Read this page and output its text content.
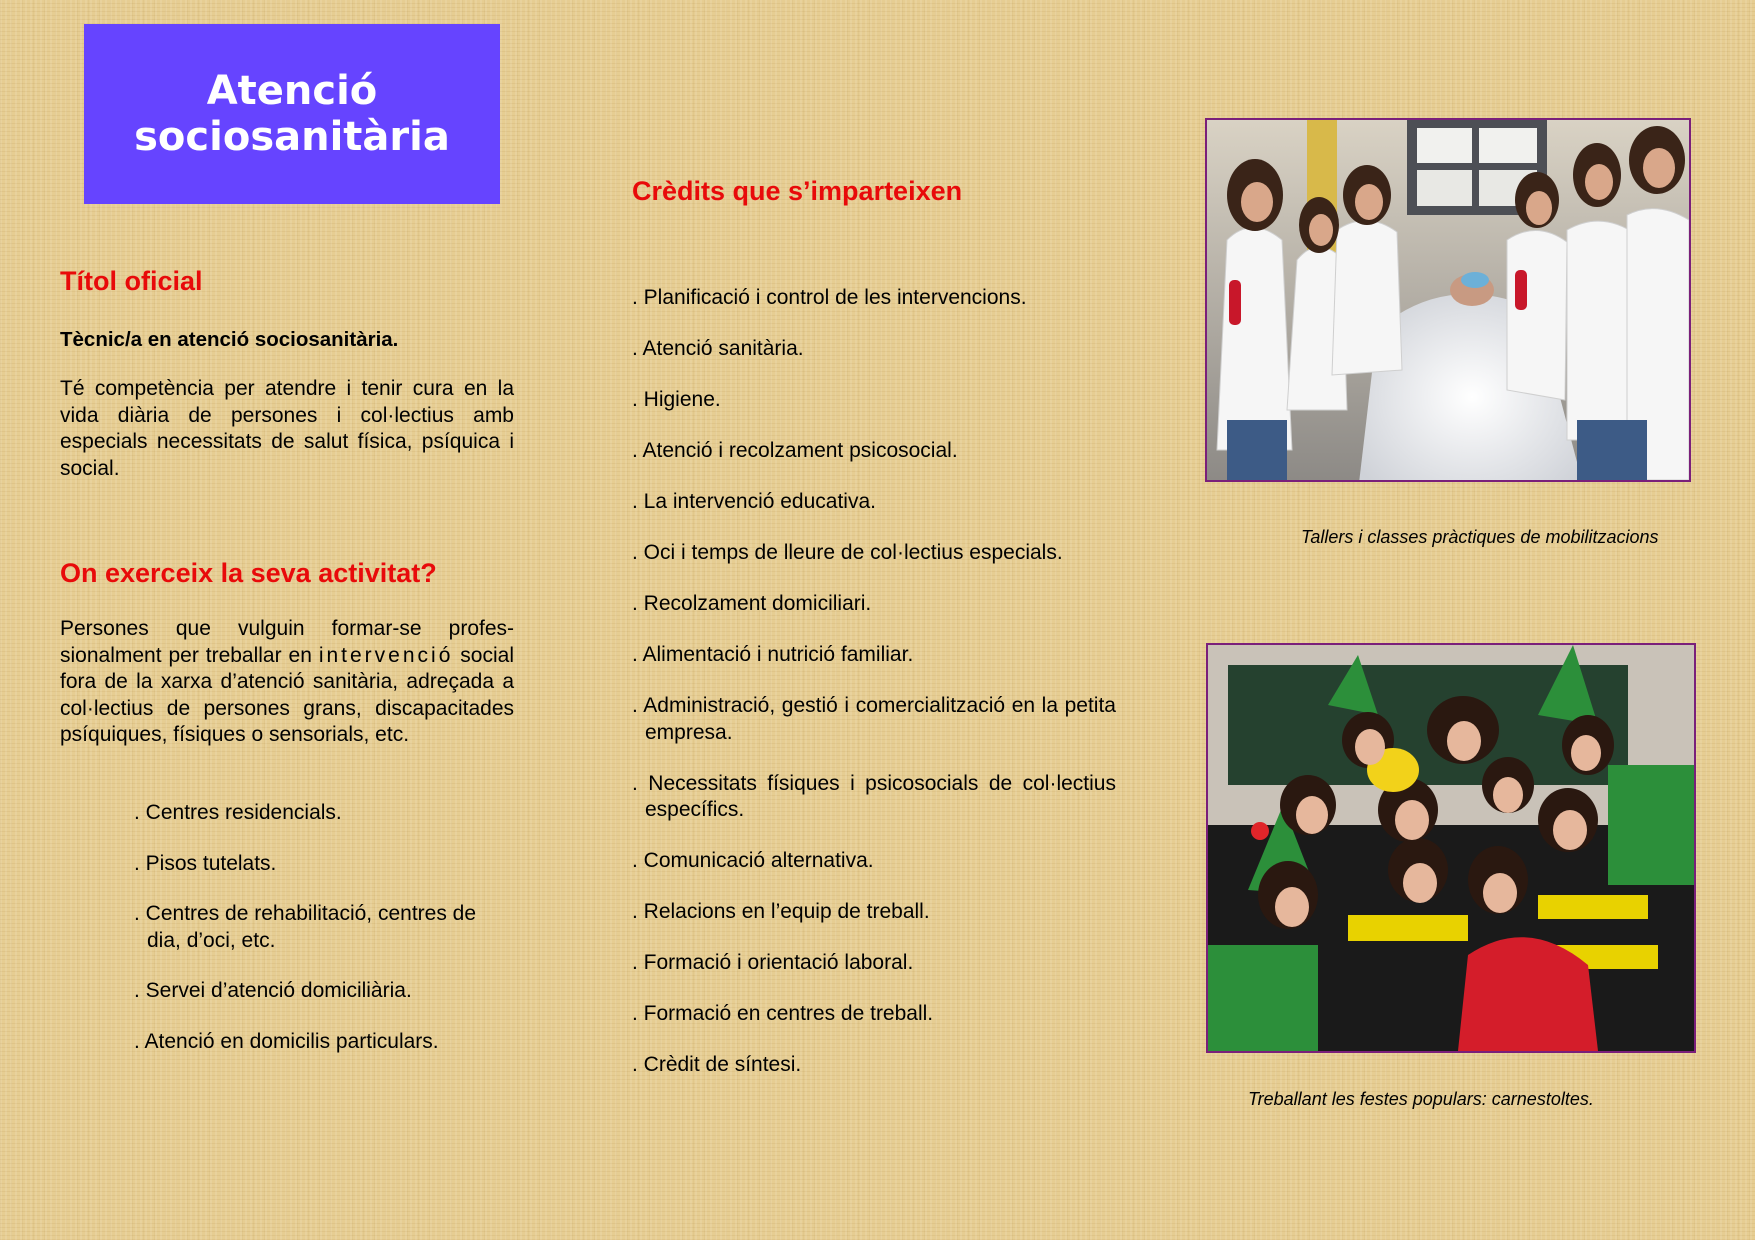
Atenció
sociosanitària
Títol oficial

Tècnic/a en atenció sociosanitària.

Té competència per atendre i tenir cura en la vida diària de persones i col·lectius amb especials necessitats de salut física, psíquica i social.

On exerceix la seva activitat?

Persones que vulguin formar-se profes-sionalment per treballar en intervenció social fora de la xarxa d’atenció sanitària, adreçada a col·lectius de persones grans, discapacitades psíquiques, físiques o sensorials, etc.

. Centres residencials.
. Pisos tutelats.
. Centres de rehabilitació, centres de dia, d’oci, etc.
. Servei d’atenció domiciliària.
. Atenció en domicilis particulars.
Crèdits que s’imparteixen
. Planificació i control de les intervencions.
. Atenció sanitària.
. Higiene.
. Atenció i recolzament psicosocial.
. La intervenció educativa.
. Oci i temps de lleure de col·lectius especials.
. Recolzament domiciliari.
. Alimentació i nutrició familiar.
. Administració, gestió i comercialització en la petita empresa.
. Necessitats físiques i psicosocials de col·lectius específics.
. Comunicació alternativa.
. Relacions en l’equip de treball.
. Formació i orientació laboral.
. Formació en centres de treball.
. Crèdit de síntesi.

Tallers i classes pràctiques de mobilitzacions

Treballant les festes populars: carnestoltes.
